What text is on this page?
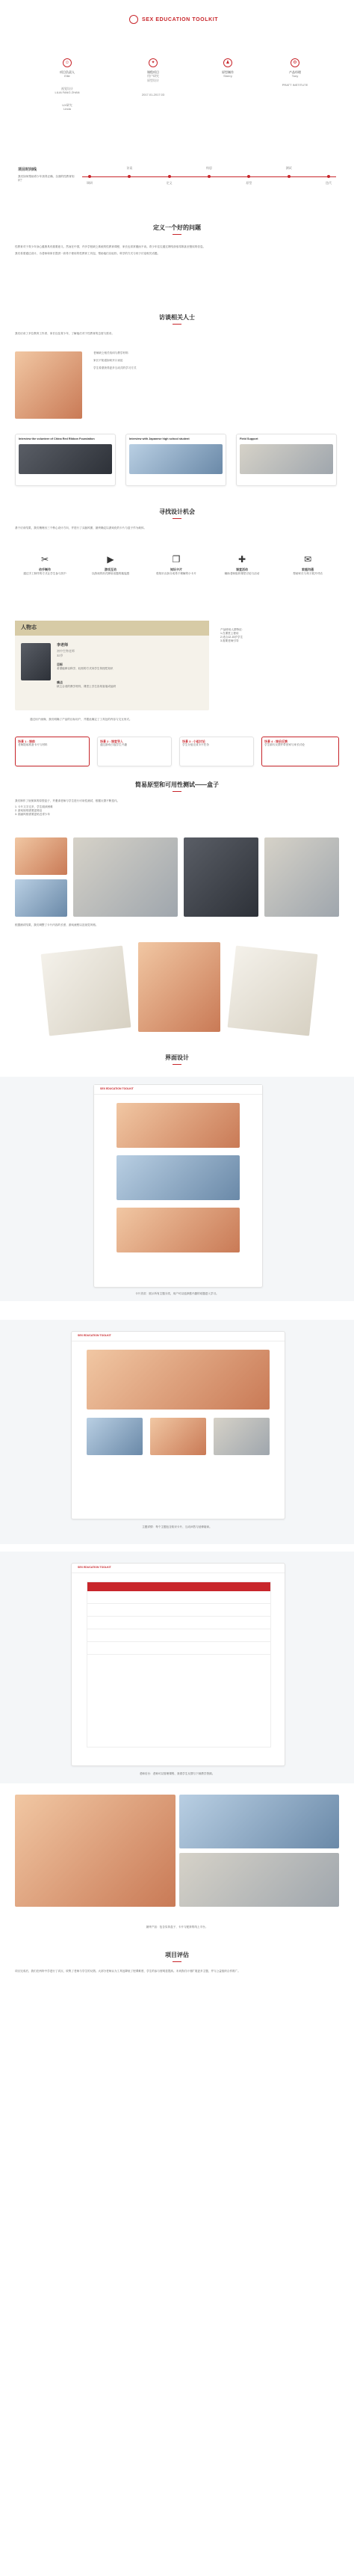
SEX EDUCATION TOOLKIT
☺
项目负责人
Ellie
视觉设计
LILIA FANG ZHAN
UX研究
Linda
✦
课程项目
用户研究
原型设计
2017.01-2017.03
♟
原型制作
Sherry
⚙
产品经理
Tony
PRATT INSTITUTE
项目时间线
我们如何帮助青少年获得正确、全面的性教育知识？
调研
访谈
定义
构思
原型
测试
迭代
定义一个好的问题

性教育对于青少年身心健康具有重要意义。然而在中国，许多学校缺乏系统的性教育课程，家长也常常避而不谈。青少年往往通过网络获取零散甚至错误的信息。

我们希望通过设计，为老师和家长提供一套易于使用的性教育工具包，帮助他们以轻松、科学的方式与孩子讨论相关话题。

访谈相关人士

我们访谈了多位教育工作者、家长以及青少年，了解他们对于性教育的态度与需求。

老师缺乏相关培训与教学材料
家长不知道如何开口谈论
学生希望获得更多互动式的学习方式
Interview the volunteer of China Red Ribbon Foundation	Interview with Japanese high school student	Field Support
寻找设计机会

基于访谈结果，我们梳理出三个核心设计方向，并进行了头脑风暴，最终确定以游戏化的卡片与盒子作为载体。

✂
动手制作
通过手工制作的方式让学生参与其中
▶
游戏互动
以游戏的形式降低话题的尴尬感
❐
知识卡片
将知识点拆分成易于理解的小卡片
✚
课堂活动
辅助老师组织课堂讨论与活动
✉
家庭沟通
帮助家长与孩子展开对话
人物志
李老师
初中生物老师
32岁
目标
希望能够以科学、轻松的方式向学生传授性知识
痛点
缺乏合适的教学材料，课堂上学生容易害羞或起哄
产品使用人群特征：
1.在课堂上使用
2.适合12-15岁学生
3.需要老师引导

通过用户画像，我们明确了产品的目标用户，并据此确定了工具包的内容与交互形式。

场景 1 : 课前
老师提前准备卡片与材料
场景 2 : 课堂导入
通过游戏引起学生兴趣
场景 3 : 小组讨论
学生分组完成卡片任务
场景 4 : 课后反馈
学生填写反馈并带回家与家长讨论
简易原型和可用性测试——盒子

我们制作了低保真的原型盒子，并邀请老师与学生进行可用性测试，根据反馈不断迭代。

1. 卡片文字过多，学生阅读困难
2. 游戏规则需要更简洁
3. 插画风格需要更贴近青少年

根据测试结果，我们调整了卡片内容的长度、游戏流程以及视觉风格。

界面设计
SEX EDUCATION TOOLKIT

卡片首页：展示所有主题分类，用户可以选择感兴趣的话题进入学习。

SEX EDUCATION TOOLKIT

主题详情：每个主题包含知识卡片、互动问答与延伸阅读。

SEX EDUCATION TOOLKIT

老师后台：老师可以管理课程、查看学生反馈与下载教学资源。

最终产品：包含实体盒子、卡片与配套的线上平台。

项目评估

项目完成后，我们在两所中学进行了试点，收集了老师与学生的反馈。大部分老师认为工具包降低了授课难度，学生的参与度明显提高。未来我们计划扩展更多主题，并与公益组织合作推广。
